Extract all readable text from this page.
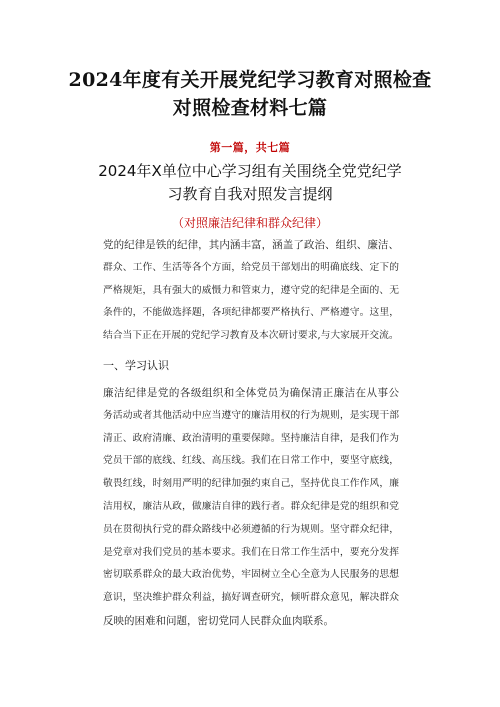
2024年度有关开展党纪学习教育对照检查
对照检查材料七篇
第一篇，共七篇
2024年X单位中心学习组有关围绕全党党纪学
习教育自我对照发言提纲
（对照廉洁纪律和群众纪律）
党的纪律是铁的纪律，其内涵丰富，涵盖了政治、组织、廉洁、
群众、工作、生活等各个方面，给党员干部划出的明确底线、定下的
严格规矩，具有强大的威慑力和管束力，遵守党的纪律是全面的、无
条件的，不能做选择题，各项纪律都要严格执行、严格遵守。这里，
结合当下正在开展的党纪学习教育及本次研讨要求,与大家展开交流。
一、学习认识
廉洁纪律是党的各级组织和全体党员为确保清正廉洁在从事公
务活动或者其他活动中应当遵守的廉洁用权的行为规则，是实现干部
清正、政府清廉、政治清明的重要保障。坚持廉洁自律，是我们作为
党员干部的底线、红线、高压线。我们在日常工作中，要坚守底线，
敬畏红线，时刻用严明的纪律加强约束自己，坚持优良工作作风，廉
洁用权，廉洁从政，做廉洁自律的践行者。群众纪律是党的组织和党
员在贯彻执行党的群众路线中必须遵循的行为规则。坚守群众纪律，
是党章对我们党员的基本要求。我们在日常工作生活中，要充分发挥
密切联系群众的最大政治优势，牢固树立全心全意为人民服务的思想
意识，坚决维护群众利益，搞好调查研究，倾听群众意见，解决群众
反映的困难和问题，密切党同人民群众血肉联系。
